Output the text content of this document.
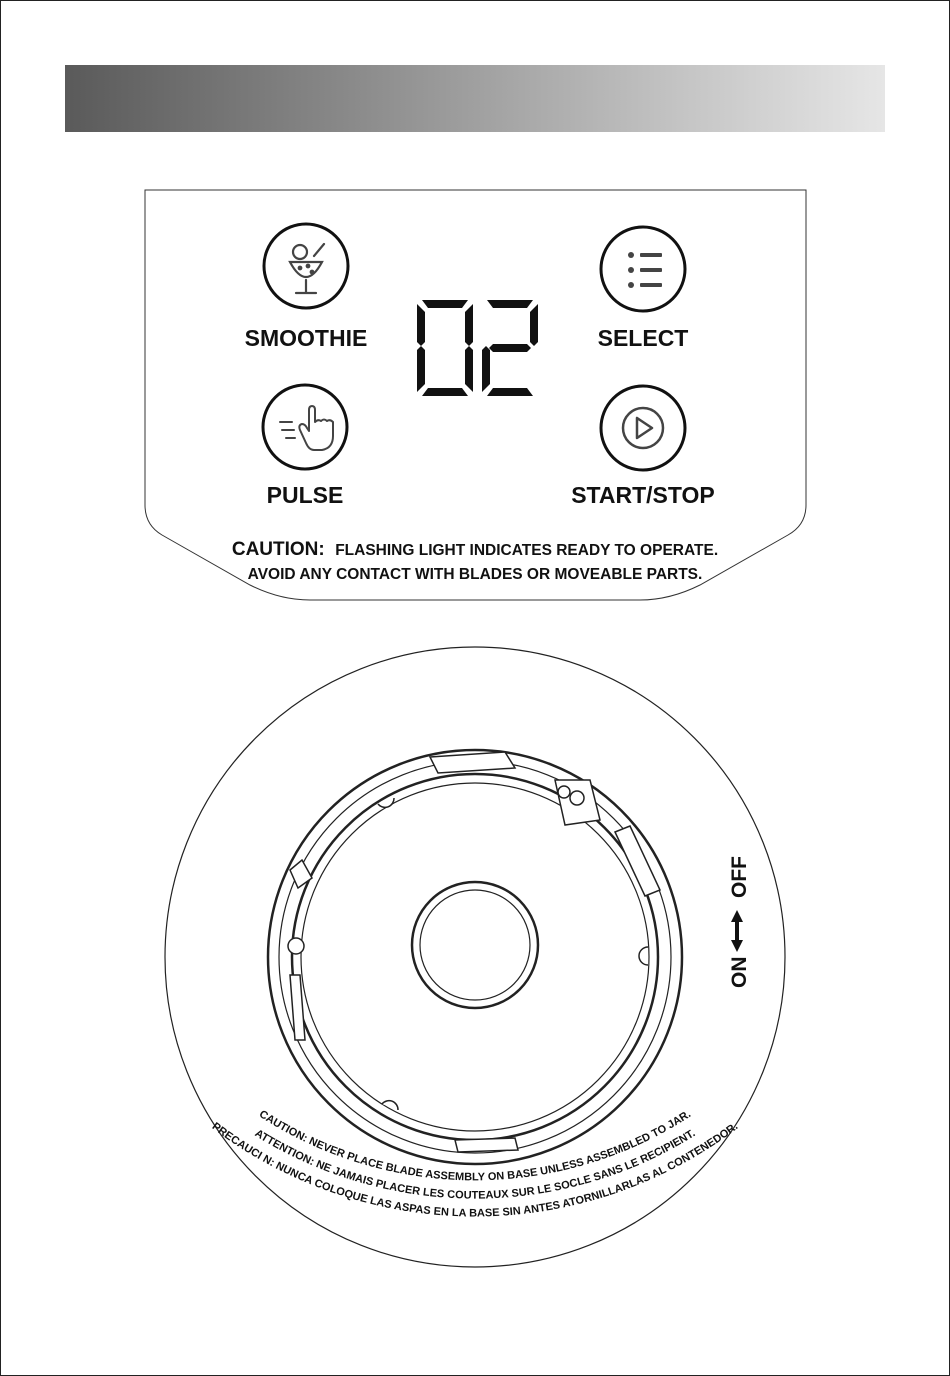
SMOOTHIE	SELECT
PULSE	START/STOP
CAUTION: FLASHING LIGHT INDICATES READY TO OPERATE.
AVOID ANY CONTACT WITH BLADES OR MOVEABLE PARTS.
ON
OFF
CAUTION: NEVER PLACE BLADE ASSEMBLY ON BASE UNLESS ASSEMBLED TO JAR.
ATTENTION: NE JAMAIS PLACER LES COUTEAUX SUR LE SOCLE SANS LE RECIPIENT.
PRECAUCI N: NUNCA COLOQUE LAS ASPAS EN LA BASE SIN ANTES ATORNILLARLAS AL CONTENEDOR.
